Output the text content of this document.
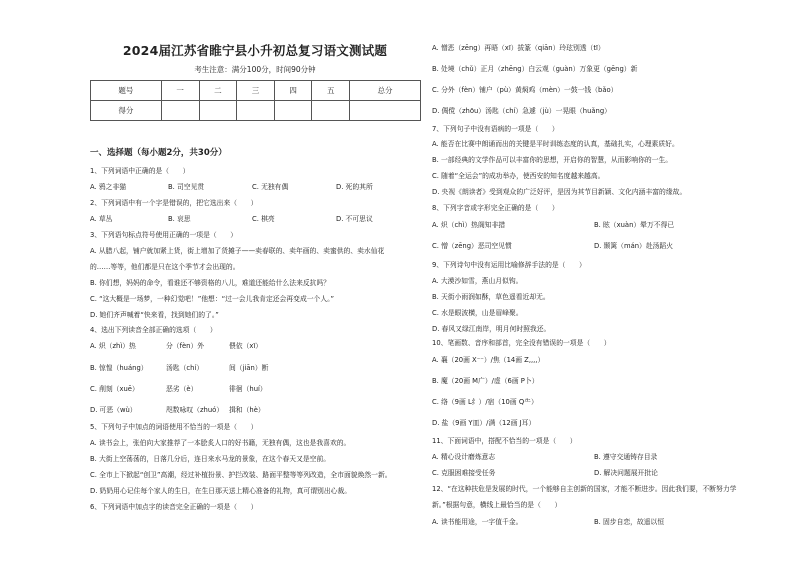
2024届江苏省睢宁县小升初总复习语文测试题
考生注意：满分100分，时间90分钟
题号	一	二	三	四	五	总分
得分						
一、选择题（每小题2分，共30分）
1、下列词语中正确的是（　　）
A. 鸦之非猫	B. 司空见贯	C. 无独有偶	D. 死的其所
2、下列词语中有一个字是错误的，把它选出来（　　）
A. 草丛	B. 哀思	C. 棋亮	D. 不可思议
3、下列语句标点符号使用正确的一项是（　　）
A. 从腊八起，铺户就加紧上货，街上增加了货摊子——卖春联的、卖年画的、卖蜜供的、卖水仙花
的……等等，他们都是只在这个季节才会出现的。
B. 你们想，妈妈的命令，看谁还不够资格的八儿，难道还能给什么法来反抗吗？
C. “这大概是一场梦，一种幻觉吧！”他想：“过一会儿我肯定还会再变成一个人。”
D. 她们齐声喊着“快来看，找到她们的了。”
4、选出下列读音全部正确的选项（　　）
A. 炽（zhì）热	分（fèn）外	偎依（xī）
B. 惊惶（huáng）	汤匙（chí）	间（jiān）断
C. 削刻（xuē）	恶劣（è）	徘徊（huí）
D. 可恶（wù）	咫数咏叹（zhuó） 揖和（hè）
5、下列句子中加点的词语使用不恰当的一项是（　　）
A. 读书会上，张伯向大家推荐了一本脍炙人口的好书籍，无独有偶，这也是我喜欢的。
B. 大街上空荡荡的，日落几分后，连日来水马龙的景象，在这个春天又是空前。
C. 全市上下掀起“创卫”高潮，经过补植扮景、护拦改装、路面平整等等列改造，全市面貌焕然一新。
D. 奶奶用心记住每个家人的生日，在生日那天送上精心准备的礼物，真可谓别出心裁。
6、下列词语中加点字的读音完全正确的一项是（　　）
A. 憎恶（zēng）再晤（xī）拔篆（qiān）玲玹别透（tī）
B. 处境（chǔ）正月（zhēng）白云观（guàn）万象更（gēng）新
C. 分外（fèn）铺户（pù）黄焖鸡（mèn）一鼓一钱（bǎo）
D. 倜傥（zhōu）汤匙（chí）急遽（jù）一晃眼（huǎng）
7、下列句子中没有语病的一项是（　　）
A. 能否在比赛中朗诵而出的关键是平时训练态度的认真，基础扎实，心理素质好。
B. 一部经典的文学作品可以丰富你的思想，开启你的智慧，从而影响你的一生。
C. 随着“全运会”的成功举办，使西安的知名度越来越高。
D. 央视《朗读者》受到观众的广泛好评，是因为其节目新颖、文化内涵丰富的缘故。
8、下列字音或字形完全正确的是（　　）
A. 炽（chì）热阁知非措	B. 眩（xuàn）晕万不得已
C. 憎（zēng）恶司空见惯	D. 颞篱（mán）赴汤蹈火
9、下列诗句中没有运用比喻修辞手法的是（　　）
A. 大漠沙如雪，燕山月似钩。
B. 天街小雨润如酥，草色遥看近却无。
C. 水是眼波横，山是眉峰聚。
D. 春风又绿江南岸，明月何时照我还。
10、笔画数、音序和部首，完全没有错误的一项是（　　）
A. 襄（20画 X⁻⁻）/焦（14画 Z,,,,）
B. 魔（20画 M广）/虚（6画 P卜）
C. 络（9画 L纟）/宿（10画 Q⺧）
D. 盐（9画 Y皿）/满（12画 J耳）
11、下面词语中，搭配不恰当的一项是（　　）
A. 精心设计磨炼意志	B. 遵守交通铸存目录
C. 克服困难接受任务	D. 解决问题展开批论
12、“在这种扶危是发展的时代，一个能够自主创新的国家，才能不断进步。因此我们要，不断努力学
新。”根据句意，横线上最恰当的是（　　）
A. 读书能用途，一字值千金。	B. 固步自恋，故遥以恒
